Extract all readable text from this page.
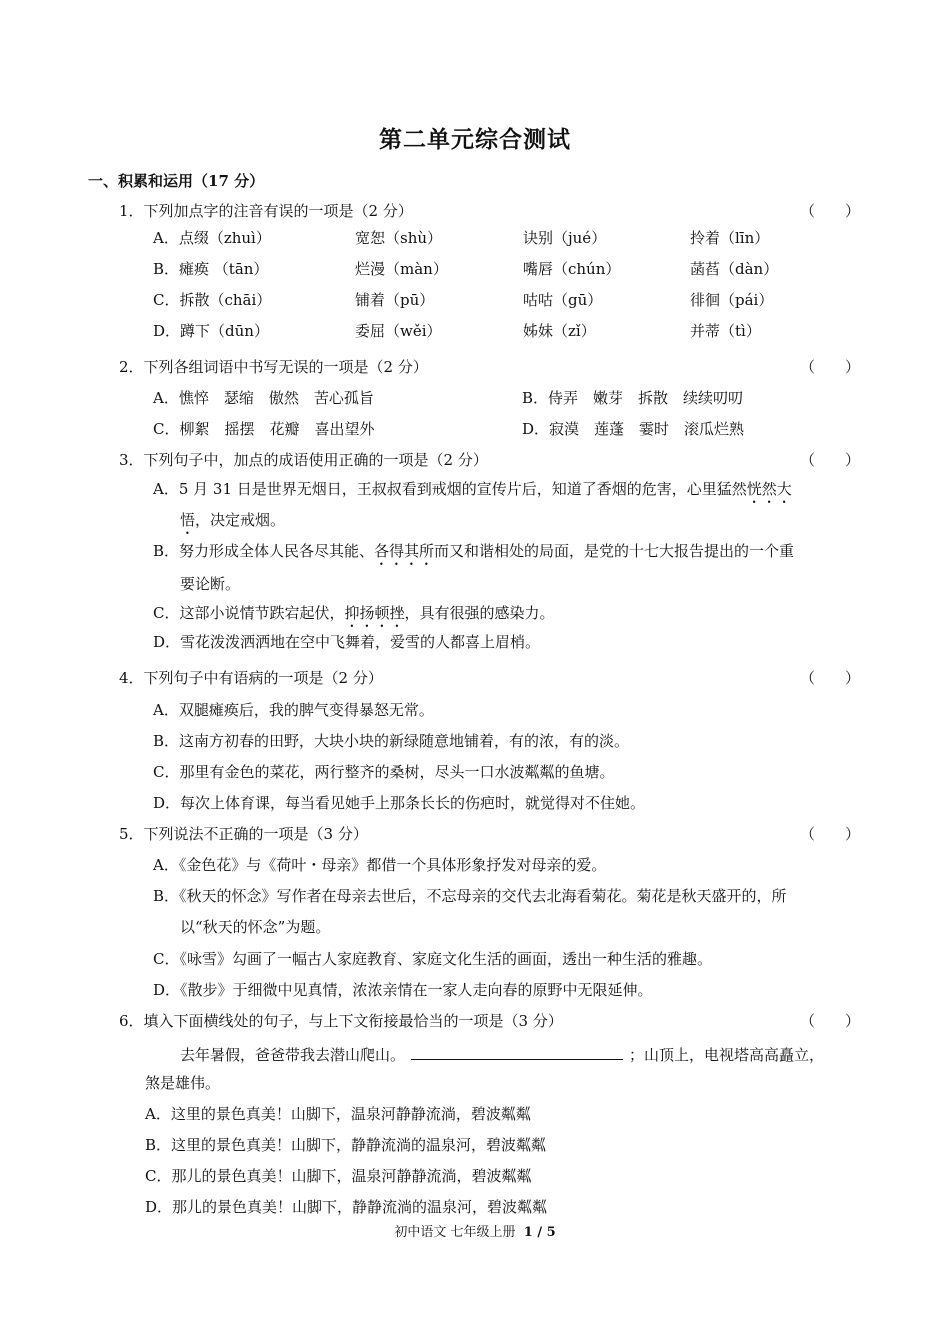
第二单元综合测试
一、积累和运用（17 分）
1．下列加点字的注音有误的一项是（2 分）	（　　）
A．点缀（zhuì）	宽恕（shù）	诀别（jué）	拎着（līn）
B．瘫痪 （tān）	烂漫（màn）	嘴唇（chún）	菡萏（dàn）
C．拆散（chāi）	铺着（pū）	咕咕（gū）	徘徊（pái）
D．蹲下（dūn）	委屈（wěi）	姊妹（zǐ）	并蒂（tì）
2．下列各组词语中书写无误的一项是（2 分）	（　　）
A．憔悴　瑟缩　傲然　苦心孤旨	B．侍弄　嫩芽　拆散　续续叨叨
C．柳絮　摇摆　花瓣　喜出望外	D．寂漠　莲蓬　霎时　滚瓜烂熟
3．下列句子中，加点的成语使用正确的一项是（2 分）	（　　）
A．5 月 31 日是世界无烟日，王叔叔看到戒烟的宣传片后，知道了香烟的危害，心里猛然恍然大
悟，决定戒烟。
B．努力形成全体人民各尽其能、各得其所而又和谐相处的局面，是党的十七大报告提出的一个重
要论断。
C．这部小说情节跌宕起伏，抑扬顿挫，具有很强的感染力。
D．雪花泼泼洒洒地在空中飞舞着，爱雪的人都喜上眉梢。
4．下列句子中有语病的一项是（2 分）	（　　）
A．双腿瘫痪后，我的脾气变得暴怒无常。
B．这南方初春的田野，大块小块的新绿随意地铺着，有的浓，有的淡。
C．那里有金色的菜花，两行整齐的桑树，尽头一口水波粼粼的鱼塘。
D．每次上体育课，每当看见她手上那条长长的伤疤时，就觉得对不住她。
5．下列说法不正确的一项是（3 分）	（　　）
A．《金色花》与《荷叶・母亲》都借一个具体形象抒发对母亲的爱。
B．《秋天的怀念》写作者在母亲去世后，不忘母亲的交代去北海看菊花。菊花是秋天盛开的，所
以“秋天的怀念”为题。
C．《咏雪》勾画了一幅古人家庭教育、家庭文化生活的画面，透出一种生活的雅趣。
D．《散步》于细微中见真情，浓浓亲情在一家人走向春的原野中无限延伸。
6．填入下面横线处的句子，与上下文衔接最恰当的一项是（3 分）	（　　）
去年暑假，爸爸带我去潜山爬山。	；山顶上，电视塔高高矗立，
煞是雄伟。
A．这里的景色真美！山脚下，温泉河静静流淌，碧波粼粼
B．这里的景色真美！山脚下，静静流淌的温泉河，碧波粼粼
C．那儿的景色真美！山脚下，温泉河静静流淌，碧波粼粼
D．那儿的景色真美！山脚下，静静流淌的温泉河，碧波粼粼
初中语文 七年级上册 1 / 5
